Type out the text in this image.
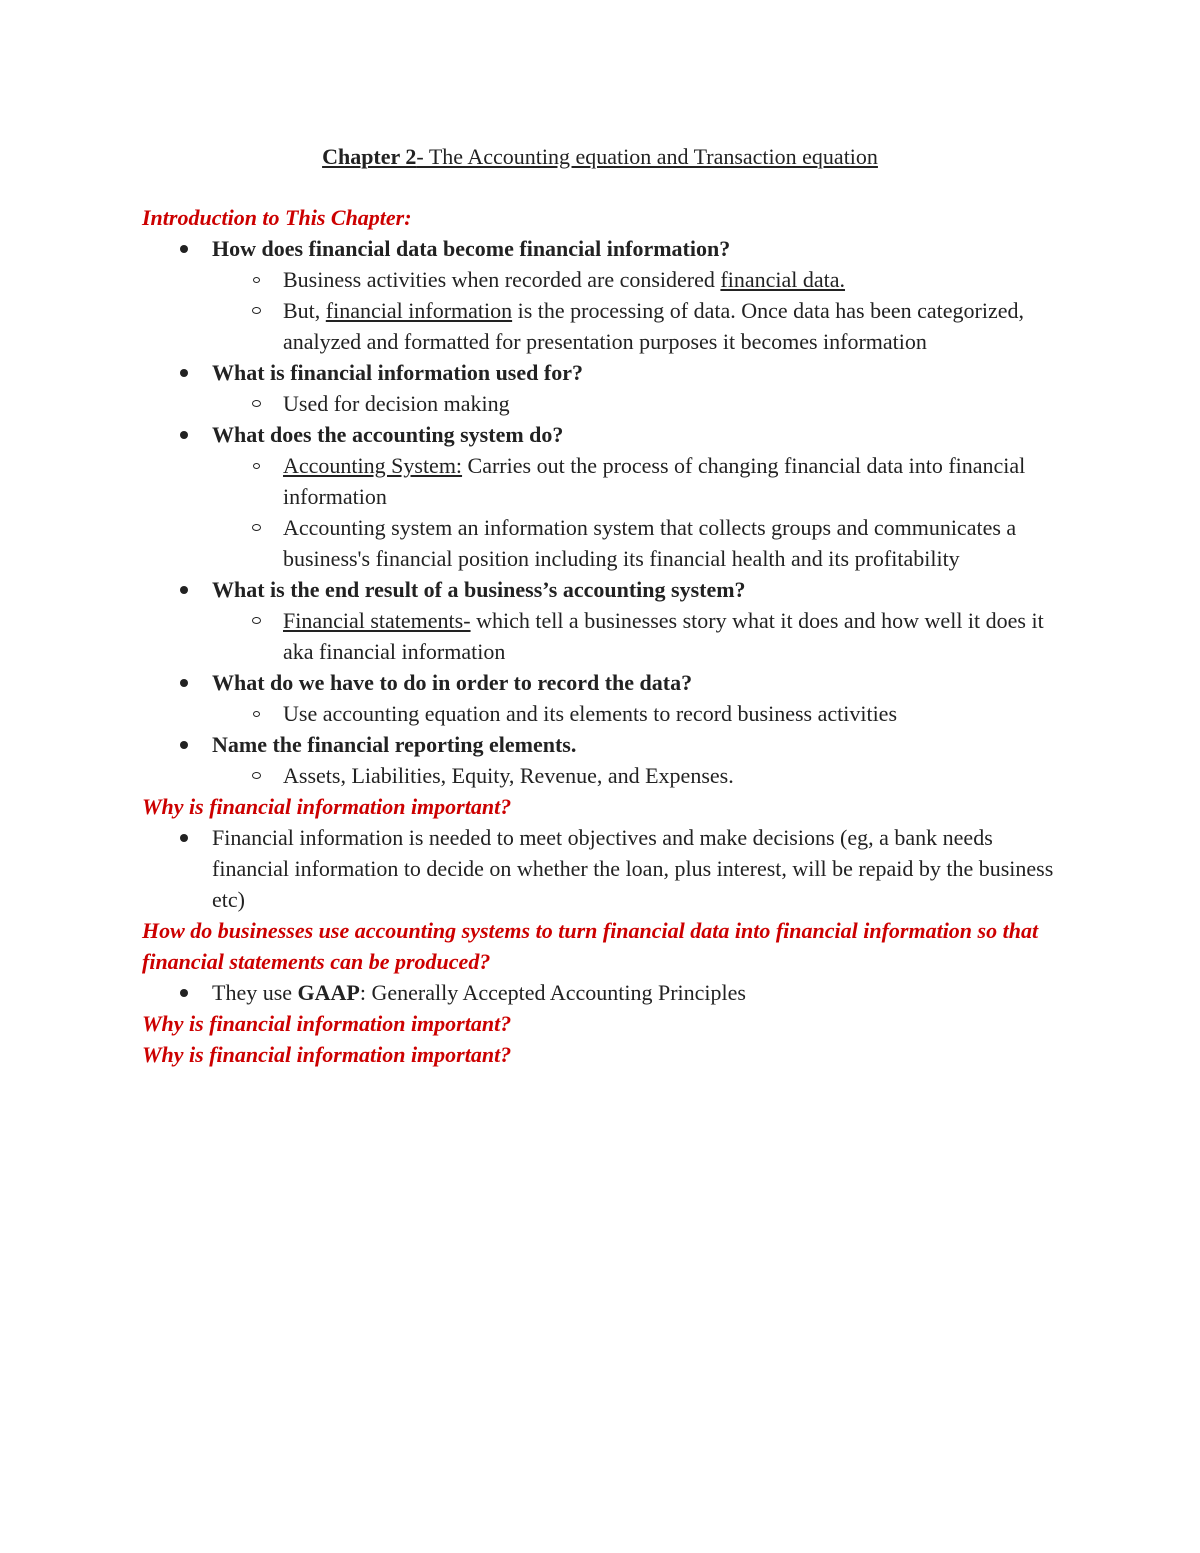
Chapter 2- The Accounting equation and Transaction equation
Introduction to This Chapter:
How does financial data become financial information?
Business activities when recorded are considered financial data.
But, financial information is the processing of data. Once data has been categorized, analyzed and formatted for presentation purposes it becomes information
What is financial information used for?
Used for decision making
What does the accounting system do?
Accounting System: Carries out the process of changing financial data into financial information
Accounting system an information system that collects groups and communicates a business's financial position including its financial health and its profitability
What is the end result of a business’s accounting system?
Financial statements- which tell a businesses story what it does and how well it does it aka financial information
What do we have to do in order to record the data?
Use accounting equation and its elements to record business activities
Name the financial reporting elements.
Assets, Liabilities, Equity, Revenue, and Expenses.
Why is financial information important?
Financial information is needed to meet objectives and make decisions (eg, a bank needs financial information to decide on whether the loan, plus interest, will be repaid by the business etc)
How do businesses use accounting systems to turn financial data into financial information so that financial statements can be produced?
They use GAAP: Generally Accepted Accounting Principles
Why is financial information important?
Why is financial information important?
